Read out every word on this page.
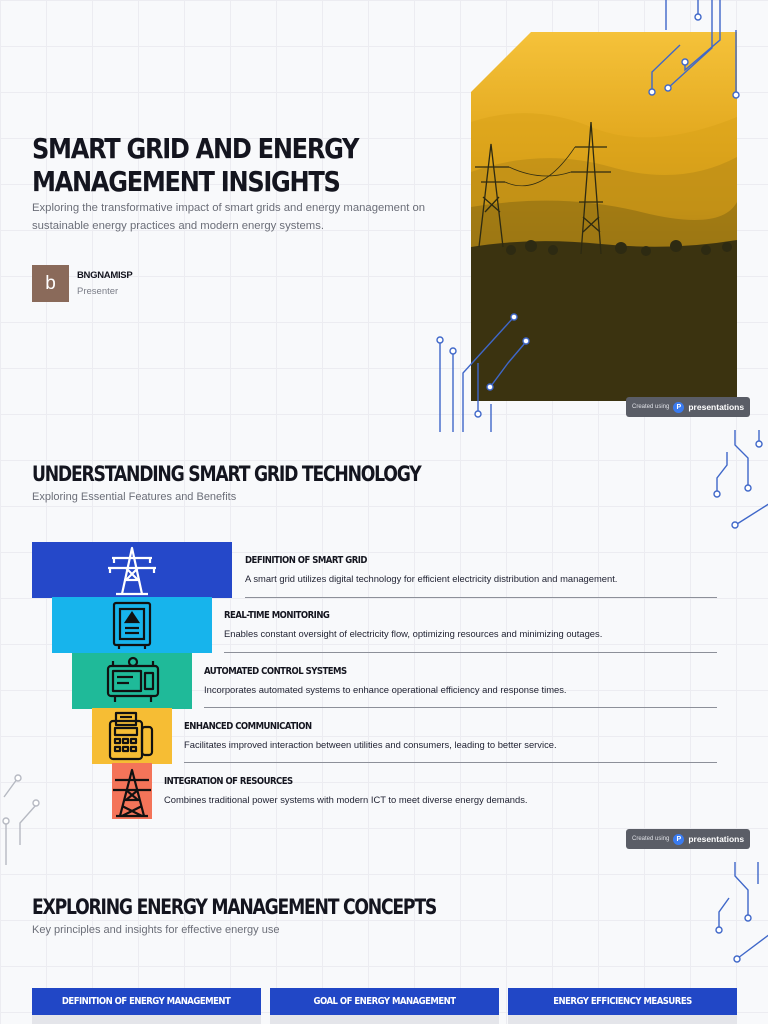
SMART GRID AND ENERGY MANAGEMENT INSIGHTS

Exploring the transformative impact of smart grids and energy management on sustainable energy practices and modern energy systems.

b	BNGNAMISP
Presenter
Created using	P presentations
UNDERSTANDING SMART GRID TECHNOLOGY

Exploring Essential Features and Benefits

DEFINITION OF SMART GRID
A smart grid utilizes digital technology for efficient electricity distribution and management.
REAL-TIME MONITORING
Enables constant oversight of electricity flow, optimizing resources and minimizing outages.
AUTOMATED CONTROL SYSTEMS
Incorporates automated systems to enhance operational efficiency and response times.
ENHANCED COMMUNICATION
Facilitates improved interaction between utilities and consumers, leading to better service.
INTEGRATION OF RESOURCES
Combines traditional power systems with modern ICT to meet diverse energy demands.
Created using	P presentations
EXPLORING ENERGY MANAGEMENT CONCEPTS

Key principles and insights for effective energy use

DEFINITION OF ENERGY MANAGEMENT	GOAL OF ENERGY MANAGEMENT	ENERGY EFFICIENCY MEASURES
